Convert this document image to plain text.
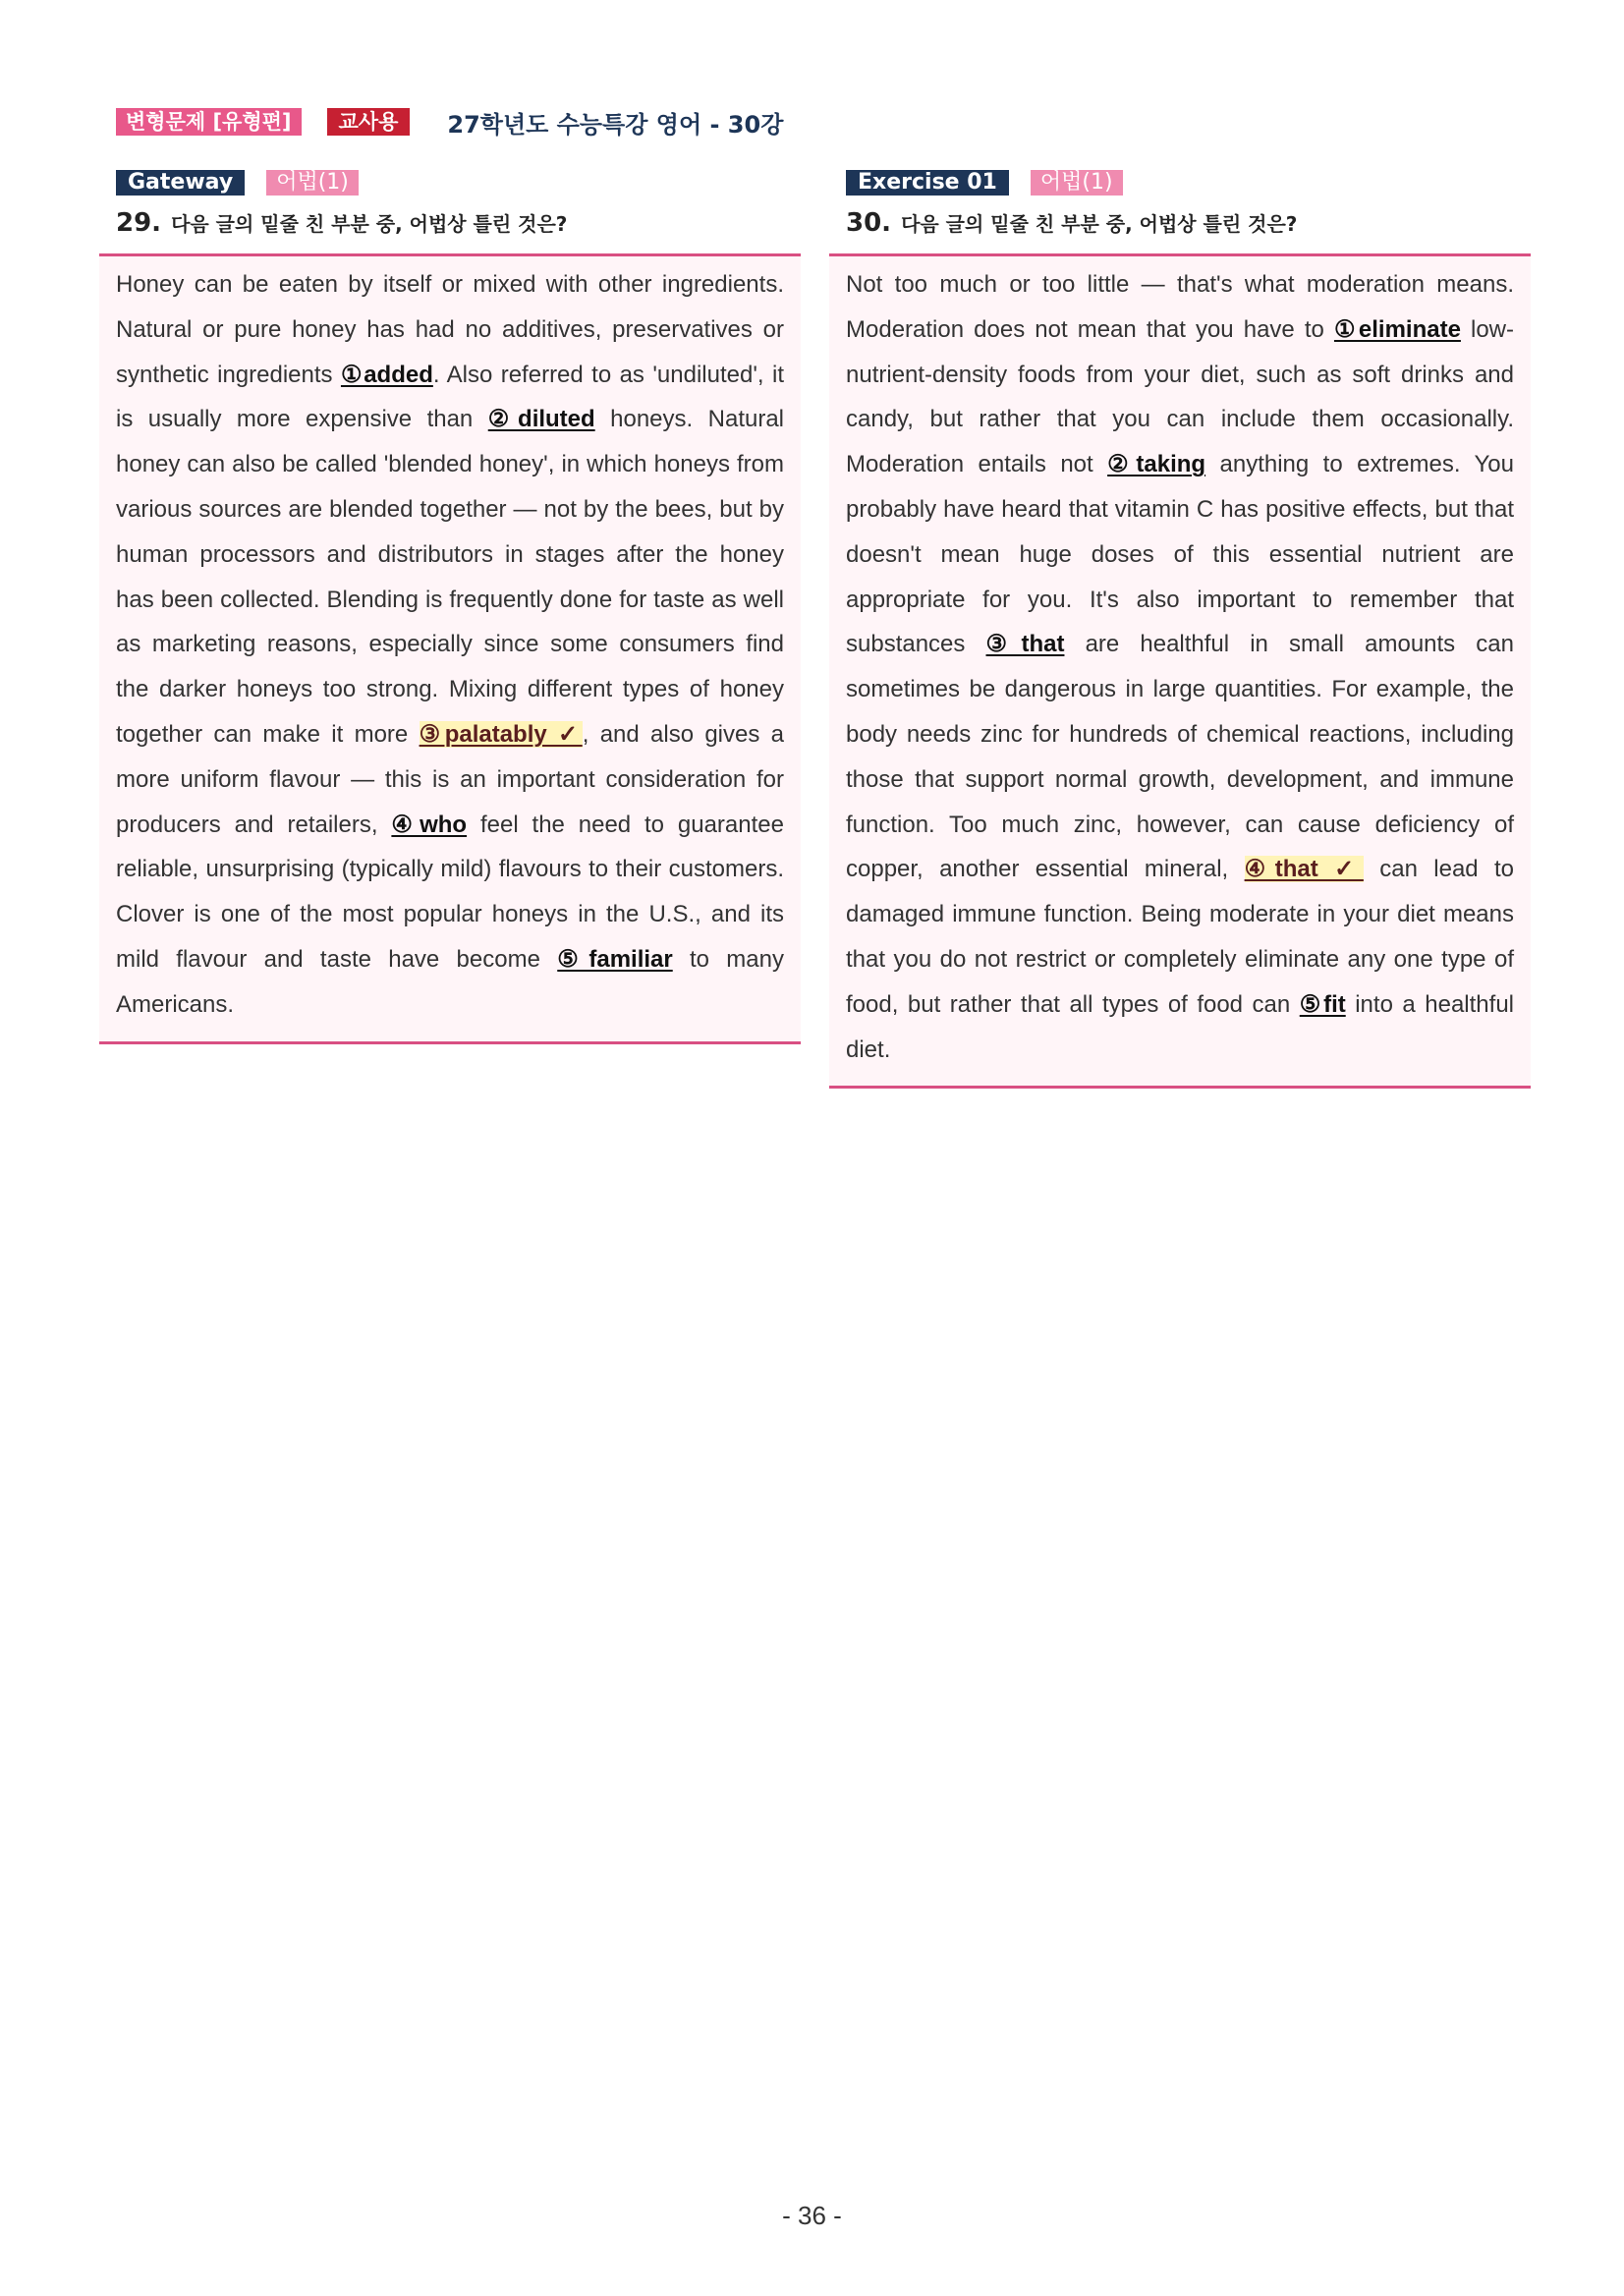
변형문제 [유형편]	교사용	27학년도 수능특강 영어 - 30강
Gateway	어법(1)
29. 다음 글의 밑줄 친 부분 중, 어법상 틀린 것은?

Honey can be eaten by itself or mixed with other ingredients. Natural or pure honey has had no additives, preservatives or synthetic ingredients ①added. Also referred to as 'undiluted', it is usually more expensive than ②diluted honeys. Natural honey can also be called 'blended honey', in which honeys from various sources are blended together — not by the bees, but by human processors and distributors in stages after the honey has been collected. Blending is frequently done for taste as well as marketing reasons, especially since some consumers find the darker honeys too strong. Mixing different types of honey together can make it more ③palatably ✓, and also gives a more uniform flavour — this is an important consideration for producers and retailers, ④who feel the need to guarantee reliable, unsurprising (typically mild) flavours to their customers. Clover is one of the most popular honeys in the U.S., and its mild flavour and taste have become ⑤familiar to many Americans.

Exercise 01	어법(1)
30. 다음 글의 밑줄 친 부분 중, 어법상 틀린 것은?

Not too much or too little — that's what moderation means. Moderation does not mean that you have to ①eliminate low-nutrient-density foods from your diet, such as soft drinks and candy, but rather that you can include them occasionally. Moderation entails not ②taking anything to extremes. You probably have heard that vitamin C has positive effects, but that doesn't mean huge doses of this essential nutrient are appropriate for you. It's also important to remember that substances ③that are healthful in small amounts can sometimes be dangerous in large quantities. For example, the body needs zinc for hundreds of chemical reactions, including those that support normal growth, development, and immune function. Too much zinc, however, can cause deficiency of copper, another essential mineral, ④that ✓ can lead to damaged immune function. Being moderate in your diet means that you do not restrict or completely eliminate any one type of food, but rather that all types of food can ⑤fit into a healthful diet.

- 36 -
